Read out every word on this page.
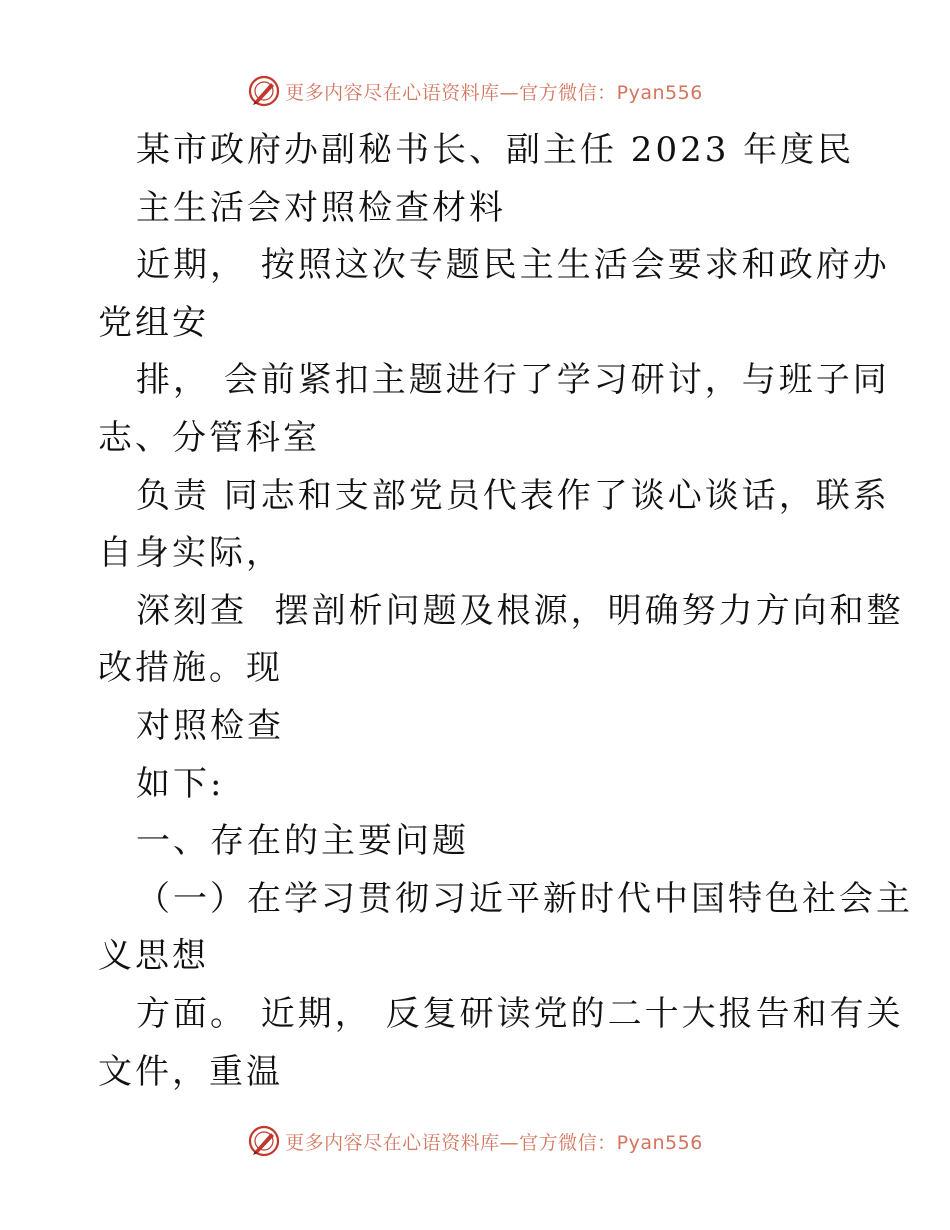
更多内容尽在心语资料库—官方微信：Pyan556
某市政府办副秘书长、副主任 2023 年度民
主生活会对照检查材料
近期， 按照这次专题民主生活会要求和政府办
党组安
排， 会前紧扣主题进行了学习研讨，与班子同
志、分管科室
负责 同志和支部党员代表作了谈心谈话，联系
自身实际，
深刻查  摆剖析问题及根源，明确努力方向和整
改措施。现
对照检查
如下:
一、存在的主要问题
（一）在学习贯彻习近平新时代中国特色社会主
义思想
方面。 近期， 反复研读党的二十大报告和有关
文件，重温
更多内容尽在心语资料库—官方微信：Pyan556
